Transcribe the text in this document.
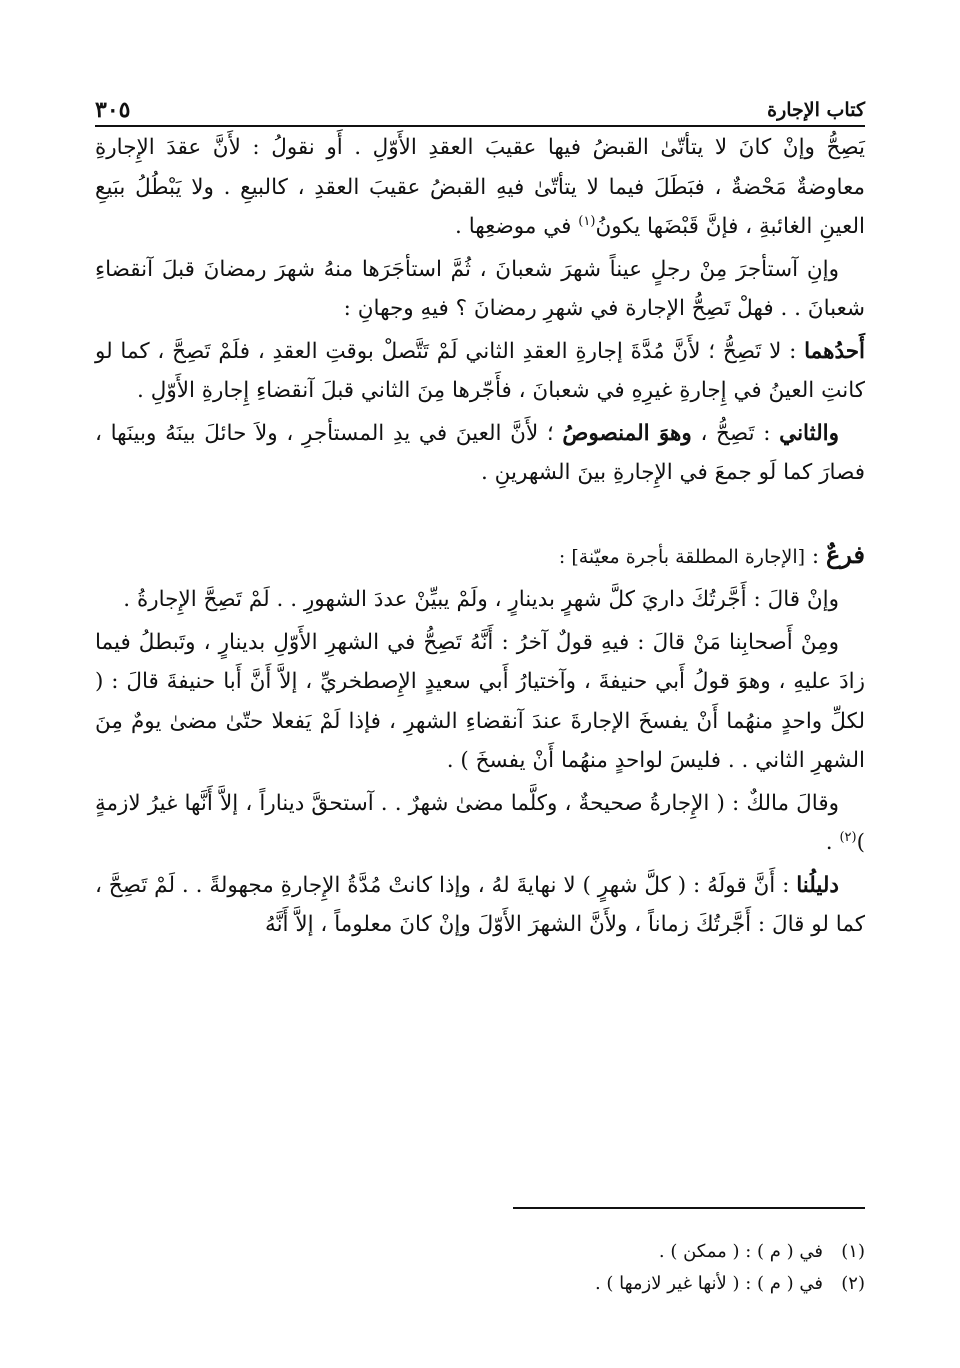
كتاب الإجارة
٣٠٥

يَصِحُّ وإنْ كانَ لا يتأتّىٰ القبضُ فيها عقيبَ العقدِ الأَوّلِ . أَو نقولُ : لأَنَّ عقدَ الإِجارةِ معاوضةٌ مَحْضةٌ ، فبَطَلَ فيما لا يتأتّىٰ فيهِ القبضُ عقيبَ العقدِ ، كالبيعِ . ولا يَبْطُلُ ببَيعِ العينِ الغائبةِ ، فإنَّ قَبْضَها يكونُ$^{(١)}$ في موضعِها .

وإنِ آستأجرَ مِنْ رجلٍ عيناً شهرَ شعبانَ ، ثُمَّ استأجَرَها منهُ شهرَ رمضانَ قبلَ آنقضاءِ شعبانَ . . فهلْ تَصِحُّ الإجارة في شهرِ رمضانَ ؟ فيهِ وجهانِ :

أَحدُهما : لا تَصِحُّ ؛ لأَنَّ مُدَّةَ إجارةِ العقدِ الثاني لَمْ تَتَّصلْ بوقتِ العقدِ ، فلَمْ تَصِحَّ ، كما لو كانتِ العينُ في إِجارةِ غيرِهِ في شعبانَ ، فأَجّرها مِنَ الثاني قبلَ آنقضاءِ إِجارةِ الأَوّلِ .

والثاني : تَصِحُّ ، وهوَ المنصوصُ ؛ لأَنَّ العينَ في يدِ المستأجرِ ، ولاَ حائلَ بينَهُ وبينَها ، فصارَ كما لَو جمعَ في الإِجارةِ بينَ الشهرينِ .

فرعٌ : [الإجارة المطلقة بأجرة معيّنة] :

وإنْ قالَ : أَجَّرتُكَ داريَ كلَّ شهرٍ بدينارٍ ، ولَمْ يبيِّنْ عددَ الشهورِ . . لَمْ تَصِحَّ الإِجارةُ .

ومِنْ أَصحابِنا مَنْ قالَ : فيهِ قولٌ آخرُ : أَنَّهُ تَصِحُّ في الشهرِ الأَوّلِ بدينارٍ ، وتَبطلُ فيما زادَ عليهِ ، وهوَ قولُ أَبي حنيفةَ ، وآختيارُ أَبي سعيدٍ الإِصطخريِّ ، إلاَّ أَنَّ أَبا حنيفةَ قالَ : ( لكلِّ واحدٍ منهُما أَنْ يفسخَ الإجارةَ عندَ آنقضاءِ الشهرِ ، فإذا لَمْ يَفعلا حتّىٰ مضىٰ يومٌ مِنَ الشهرِ الثاني . . فليسَ لواحدٍ منهُما أَنْ يفسخَ ) .

وقالَ مالكٌ : ( الإِجارةُ صحيحةٌ ، وكلَّما مضىٰ شهرٌ . . آستحقَّ ديناراً ، إلاَّ أَنَّها غيرُ لازمةٍ )$^{(٢)}$ .

دليلُنا : أَنَّ قولَهُ : ( كلَّ شهرٍ ) لا نهايةَ لهُ ، وإذا كانتْ مُدَّةُ الإِجارةِ مجهولةً . . لَمْ تَصِحَّ ، كما لو قالَ : أَجَّرتُكَ زماناً ، ولأَنَّ الشهرَ الأَوّلَ وإنْ كانَ معلوماً ، إلاَّ أَنَّهُ

(١)
في ( م ) : ( ممكن ) .
(٢)
في ( م ) : ( لأنها غير لازمها ) .
